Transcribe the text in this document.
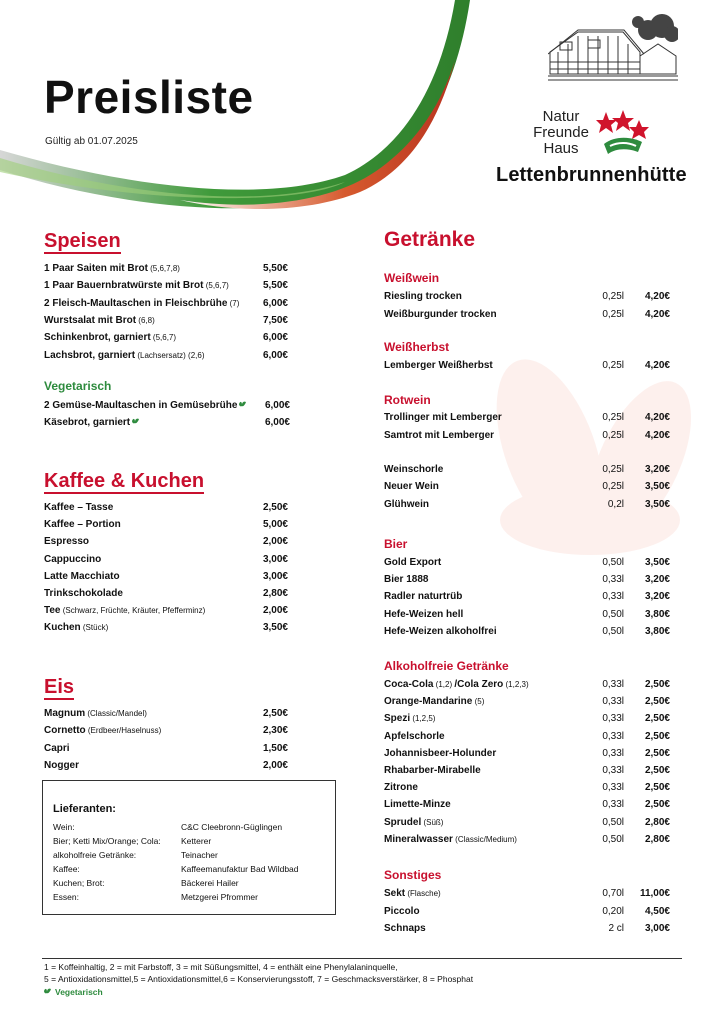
Preisliste
Gültig ab 01.07.2025
Natur
Freunde
Haus
Lettenbrunnenhütte
Speisen
1 Paar Saiten mit Brot (5,6,7,8)	5,50€
1 Paar Bauernbratwürste mit Brot (5,6,7)	5,50€
2 Fleisch-Maultaschen in Fleischbrühe (7) 6,00€
Wurstsalat mit Brot (6,8)	7,50€
Schinkenbrot, garniert (5,6,7)	6,00€
Lachsbrot, garniert (Lachsersatz) (2,6)	6,00€
Vegetarisch
2 Gemüse-Maultaschen in Gemüsebrühe	6,00€
Käsebrot, garniert	6,00€
Kaffee & Kuchen
Kaffee – Tasse	2,50€
Kaffee – Portion	5,00€
Espresso	2,00€
Cappuccino	3,00€
Latte Macchiato	3,00€
Trinkschokolade	2,80€
Tee (Schwarz, Früchte, Kräuter, Pfefferminz)	2,00€
Kuchen (Stück)	3,50€
Eis
Magnum (Classic/Mandel)	2,50€
Cornetto (Erdbeer/Haselnuss)	2,30€
Capri	1,50€
Nogger	2,00€
Lieferanten:
Wein:	C&C Cleebronn-Güglingen
Bier; Ketti Mix/Orange; Cola: Ketterer
alkoholfreie Getränke:	Teinacher
Kaffee:	Kaffeemanufaktur Bad Wildbad
Kuchen; Brot:	Bäckerei Hailer
Essen:	Metzgerei Pfrommer
Getränke
Weißwein
Weißherbst
Rotwein
Bier
Alkoholfreie Getränke
Sonstiges
Riesling trocken	0,25l 4,20€
Weißburgunder trocken	0,25l 4,20€
Lemberger Weißherbst	0,25l 4,20€
Trollinger mit Lemberger	0,25l 4,20€
Samtrot mit Lemberger	0,25l 4,20€
Weinschorle	0,25l 3,20€
Neuer Wein	0,25l 3,50€
Glühwein	0,2l 3,50€
Gold Export	0,50l 3,50€
Bier 1888	0,33l 3,20€
Radler naturtrüb	0,33l 3,20€
Hefe-Weizen hell	0,50l 3,80€
Hefe-Weizen alkoholfrei	0,50l 3,80€
Coca-Cola (1,2) /Cola Zero (1,2,3)	0,33l 2,50€
Orange-Mandarine (5)	0,33l 2,50€
Spezi (1,2,5)	0,33l 2,50€
Apfelschorle	0,33l 2,50€
Johannisbeer-Holunder	0,33l 2,50€
Rhabarber-Mirabelle	0,33l 2,50€
Zitrone	0,33l 2,50€
Limette-Minze	0,33l 2,50€
Sprudel (Süß)	0,50l 2,80€
Mineralwasser (Classic/Medium)	0,50l 2,80€
Sekt (Flasche)	0,70l 11,00€
Piccolo	0,20l 4,50€
Schnaps	2 cl 3,00€
1 = Koffeinhaltig, 2 = mit Farbstoff, 3 = mit Süßungsmittel, 4 = enthält eine Phenylalaninquelle,
5 = Antioxidationsmittel,5 = Antioxidationsmittel,6 = Konservierungsstoff, 7 = Geschmacksverstärker, 8 = Phosphat
Vegetarisch
